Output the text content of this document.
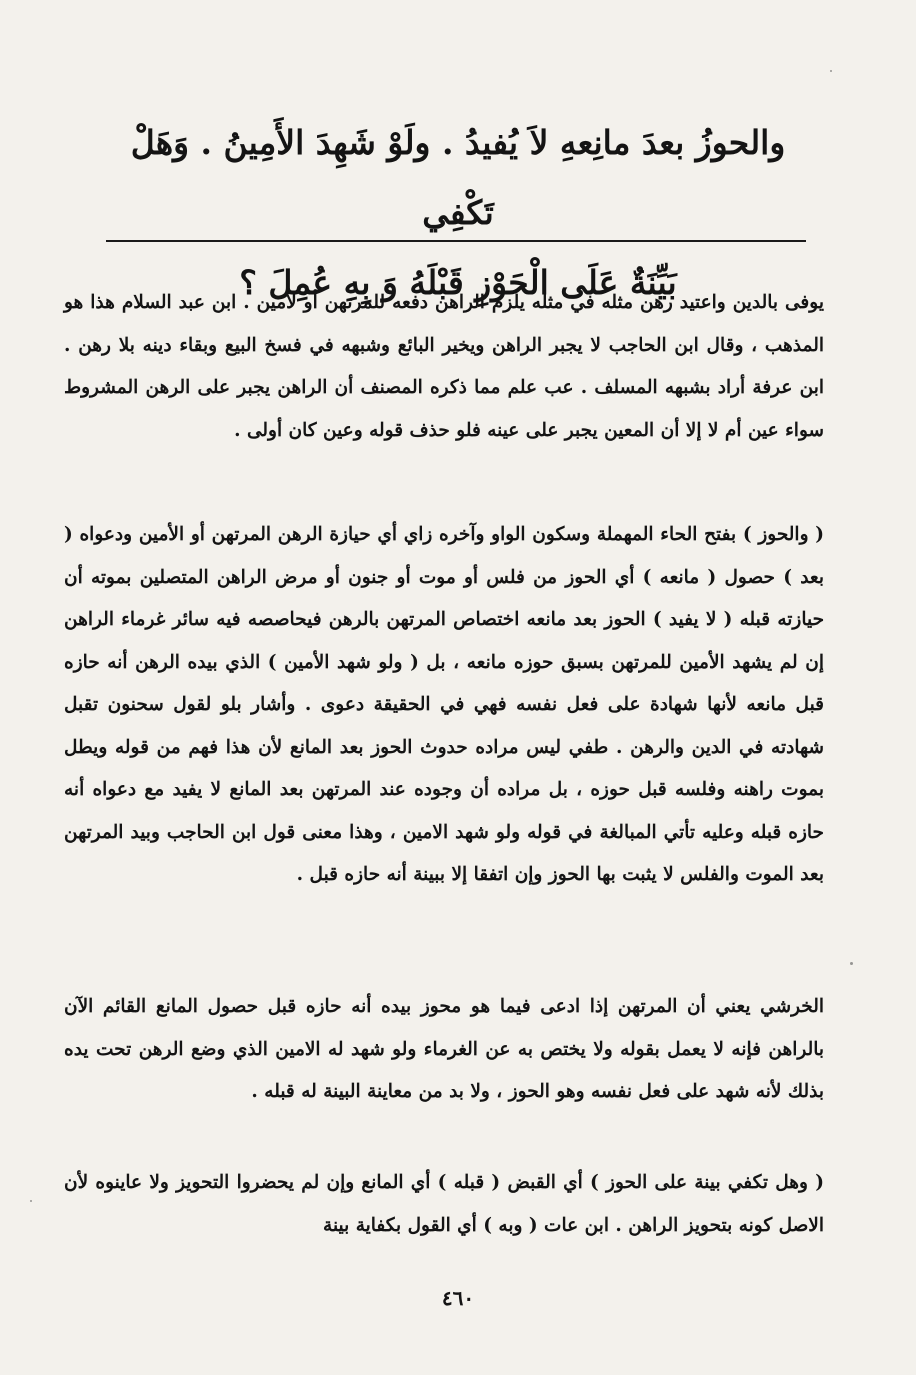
والحوزُ بعدَ مانِعهِ لاَ يُفيدُ . ولَوْ شَهِدَ الأَمِينُ . وَهَلْ تَكْفِي
بَيِّنَةٌ عَلَى الْحَوْزِ قَبْلَهُ وَ بِهِ عُمِلَ ؟

يوفى بالدين واعتيد رهن مثله في مثله يلزم الراهن دفعه للمرتهن أو لأمين . ابن عبد السلام هذا هو المذهب ، وقال ابن الحاجب لا يجبر الراهن ويخير البائع وشبهه في فسخ البيع وبقاء دينه بلا رهن . ابن عرفة أراد بشبهه المسلف . عب علم مما ذكره المصنف أن الراهن يجبر على الرهن المشروط سواء عين أم لا إلا أن المعين يجبر على عينه فلو حذف قوله وعين كان أولى .

( والحوز ) بفتح الحاء المهملة وسكون الواو وآخره زاي أي حيازة الرهن المرتهن أو الأمين ودعواه ( بعد ) حصول ( مانعه ) أي الحوز من فلس أو موت أو جنون أو مرض الراهن المتصلين بموته أن حيازته قبله ( لا يفيد ) الحوز بعد مانعه اختصاص المرتهن بالرهن فيحاصصه فيه سائر غرماء الراهن إن لم يشهد الأمين للمرتهن بسبق حوزه مانعه ، بل ( ولو شهد الأمين ) الذي بيده الرهن أنه حازه قبل مانعه لأنها شهادة على فعل نفسه فهي في الحقيقة دعوى . وأشار بلو لقول سحنون تقبل شهادته في الدين والرهن . طفي ليس مراده حدوث الحوز بعد المانع لأن هذا فهم من قوله ويطل بموت راهنه وفلسه قبل حوزه ، بل مراده أن وجوده عند المرتهن بعد المانع لا يفيد مع دعواه أنه حازه قبله وعليه تأتي المبالغة في قوله ولو شهد الامين ، وهذا معنى قول ابن الحاجب وبيد المرتهن بعد الموت والفلس لا يثبت بها الحوز وإن اتفقا إلا ببينة أنه حازه قبل .

الخرشي يعني أن المرتهن إذا ادعى فيما هو محوز بيده أنه حازه قبل حصول المانع القائم الآن بالراهن فإنه لا يعمل بقوله ولا يختص به عن الغرماء ولو شهد له الامين الذي وضع الرهن تحت يده بذلك لأنه شهد على فعل نفسه وهو الحوز ، ولا بد من معاينة البينة له قبله .

( وهل تكفي بينة على الحوز ) أي القبض ( قبله ) أي المانع وإن لم يحضروا التحويز ولا عاينوه لأن الاصل كونه بتحويز الراهن . ابن عات ( وبه ) أي القول بكفاية بينة

٤٦٠
